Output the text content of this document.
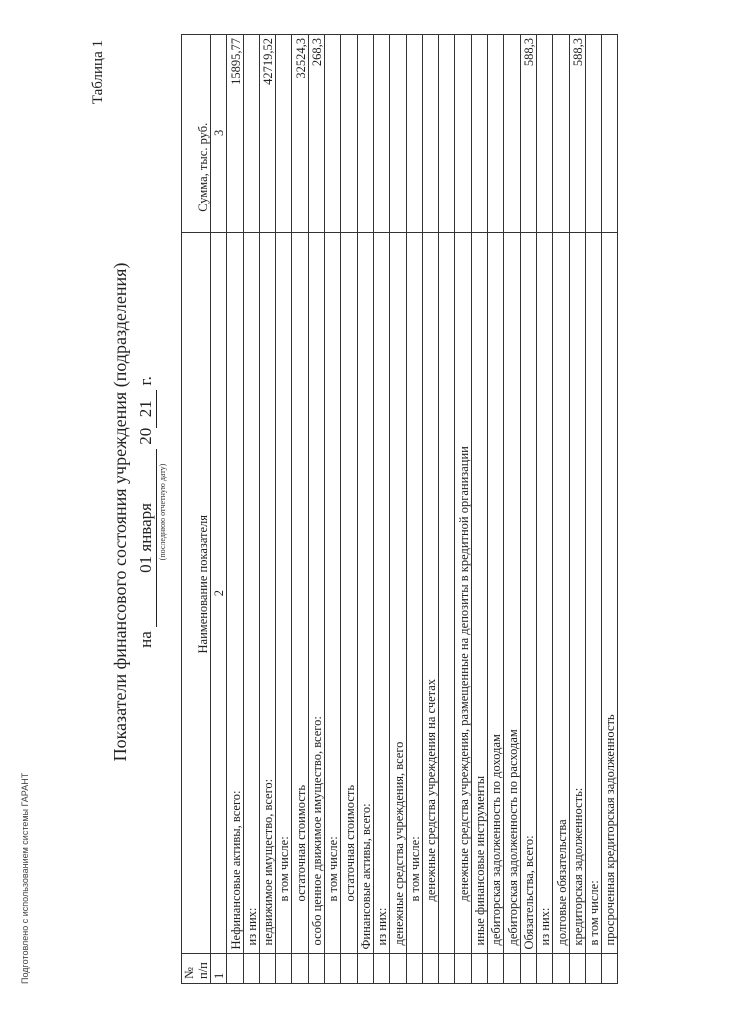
Подготовлено с использованием системы ГАРАНТ
Таблица 1
Показатели финансового состояния учреждения (подразделения) на 01 января 2021 г.
(последнюю отчетную дату)
№ п/п	Наименование показателя	Сумма, тыс. руб.
1	2	3
	Нефинансовые активы, всего:	15895,77
	из них:	
	недвижимое имущество, всего:	42719,52
	в том числе:	
	остаточная стоимость	32524,3
	особо ценное движимое имущество, всего:	268,3
	в том числе:	
	остаточная стоимость	
	Финансовые активы, всего:	
	из них:	
	денежные средства учреждения, всего	
	в том числе:	
	денежные средства учреждения на счетах	

	денежные средства учреждения, размещенные на депозиты в кредитной организации	
	иные финансовые инструменты	
	дебиторская задолженность по доходам	
	дебиторская задолженность по расходам	
	Обязательства, всего:	588,3
	из них:	
	долговые обязательства	
	кредиторская задолженность:	588,3
	в том числе:	
	просроченная кредиторская задолженность	
